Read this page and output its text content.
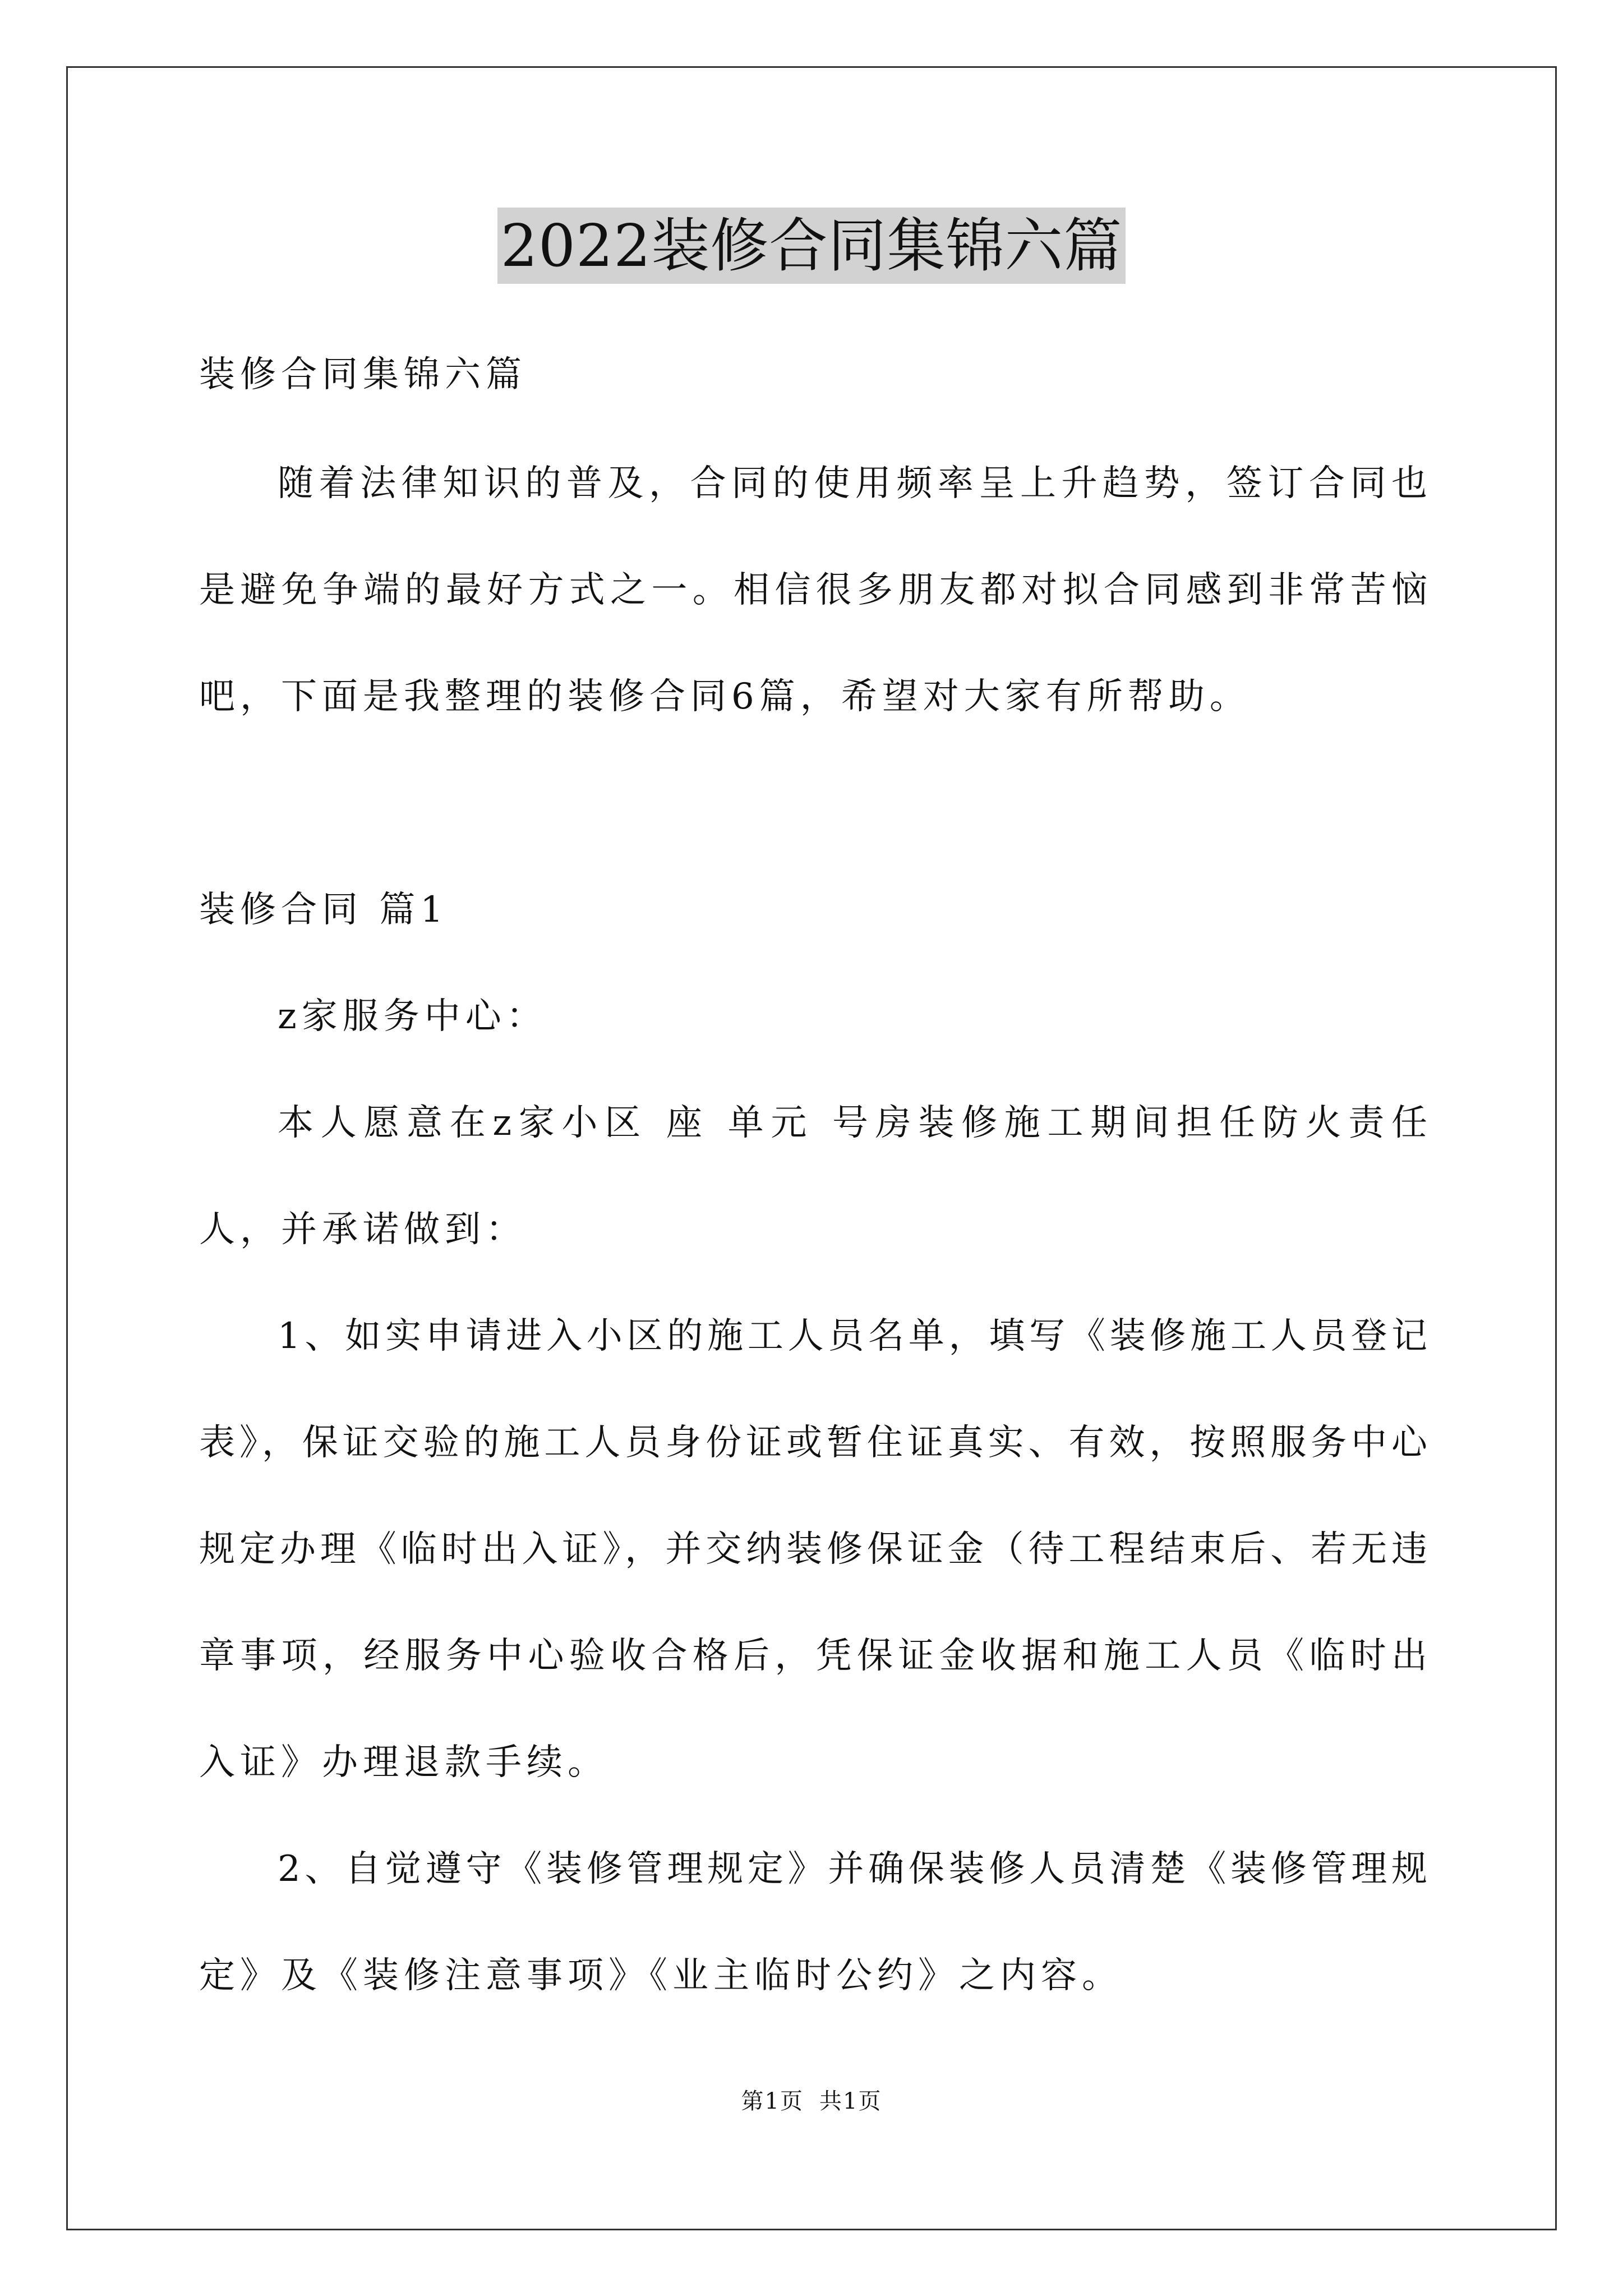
2022装修合同集锦六篇
装修合同集锦六篇
随着法律知识的普及，合同的使用频率呈上升趋势，签订合同也
是避免争端的最好方式之一。相信很多朋友都对拟合同感到非常苦恼
吧，下面是我整理的装修合同6篇，希望对大家有所帮助。
装修合同 篇1
z家服务中心：
本人愿意在z家小区 座 单元 号房装修施工期间担任防火责任
人，并承诺做到：
1、如实申请进入小区的施工人员名单，填写《装修施工人员登记
表》，保证交验的施工人员身份证或暂住证真实、有效，按照服务中心
规定办理《临时出入证》，并交纳装修保证金（待工程结束后、若无违
章事项，经服务中心验收合格后，凭保证金收据和施工人员《临时出
入证》办理退款手续。
2、自觉遵守《装修管理规定》并确保装修人员清楚《装修管理规
定》及《装修注意事项》《业主临时公约》之内容。
第1页 共1页
